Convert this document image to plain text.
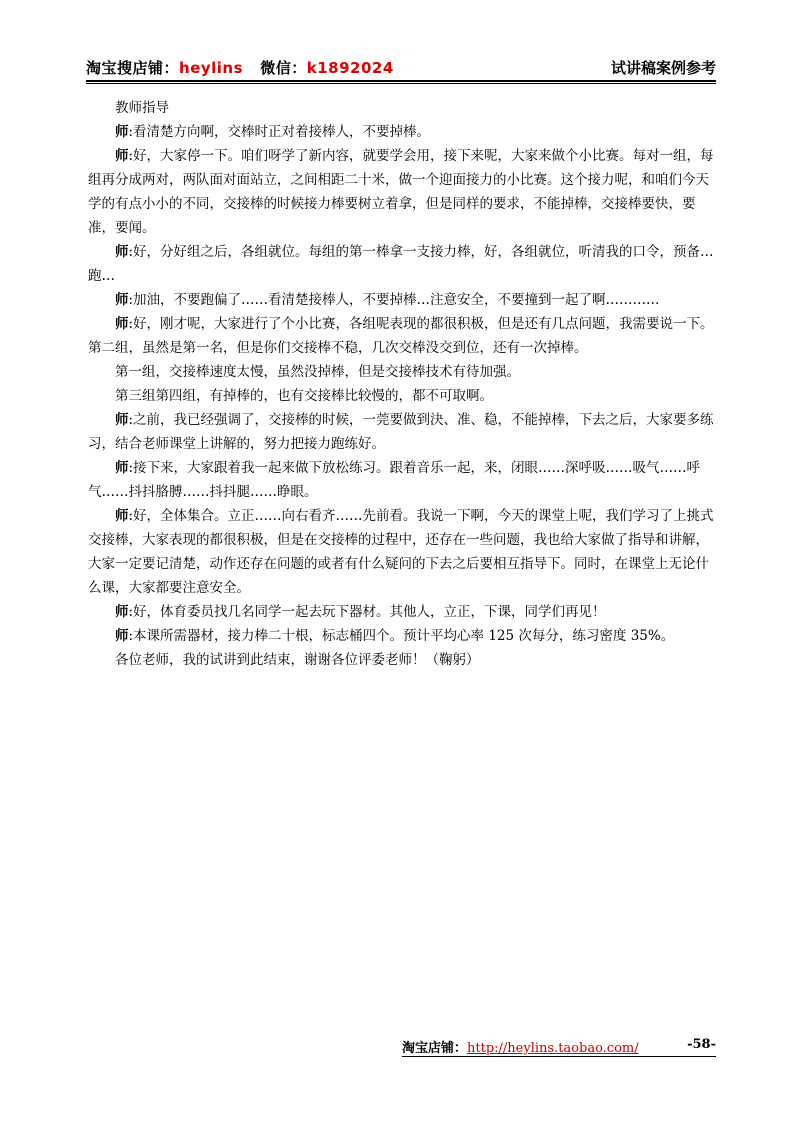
淘宝搜店铺：heylins 微信：k1892024	试讲稿案例参考

教师指导

师:看清楚方向啊，交棒时正对着接棒人，不要掉棒。

师:好，大家停一下。咱们呀学了新内容，就要学会用，接下来呢，大家来做个小比赛。每对一组，每组再分成两对，两队面对面站立，之间相距二十米，做一个迎面接力的小比赛。这个接力呢，和咱们今天学的有点小小的不同，交接棒的时候接力棒要树立着拿，但是同样的要求，不能掉棒，交接棒要快，要准，要闻。

师:好，分好组之后，各组就位。每组的第一棒拿一支接力棒，好，各组就位，听清我的口令，预备…跑…

师:加油，不要跑偏了……看清楚接棒人，不要掉棒…注意安全，不要撞到一起了啊…………

师:好，刚才呢，大家进行了个小比赛，各组呢表现的都很积极，但是还有几点问题，我需要说一下。第二组，虽然是第一名，但是你们交接棒不稳，几次交棒没交到位，还有一次掉棒。

第一组，交接棒速度太慢，虽然没掉棒，但是交接棒技术有待加强。

第三组第四组，有掉棒的，也有交接棒比较慢的，都不可取啊。

师:之前，我已经强调了，交接棒的时候，一莞要做到決、准、稳，不能掉棒，下去之后，大家要多练习，结合老师课堂上讲解的，努力把接力跑练好。

师:接下来，大家跟着我一起来做下放松练习。跟着音乐一起，来，闭眼……深呼吸……吸气……呼气……抖抖胳膊……抖抖腿……睁眼。

师:好，全体集合。立正……向右看齐……先前看。我说一下啊，今天的课堂上呢，我们学习了上挑式交接棒，大家表现的都很积极，但是在交接棒的过程中，还存在一些问题，我也给大家做了指导和讲解，大家一定要记清楚，动作还存在问题的或者有什么疑问的下去之后要相互指导下。同时，在课堂上无论什么课，大家都要注意安全。

师:好，体育委员找几名同学一起去玩下器材。其他人，立正，下课，同学们再见！

师:本课所需器材，接力棒二十根，标志桶四个。预计平均心率 125 次每分，练习密度 35%。

各位老师，我的试讲到此结束，谢谢各位评委老师！（鞠躬）

淘宝店铺：http://heylins.taobao.com/	-58-
